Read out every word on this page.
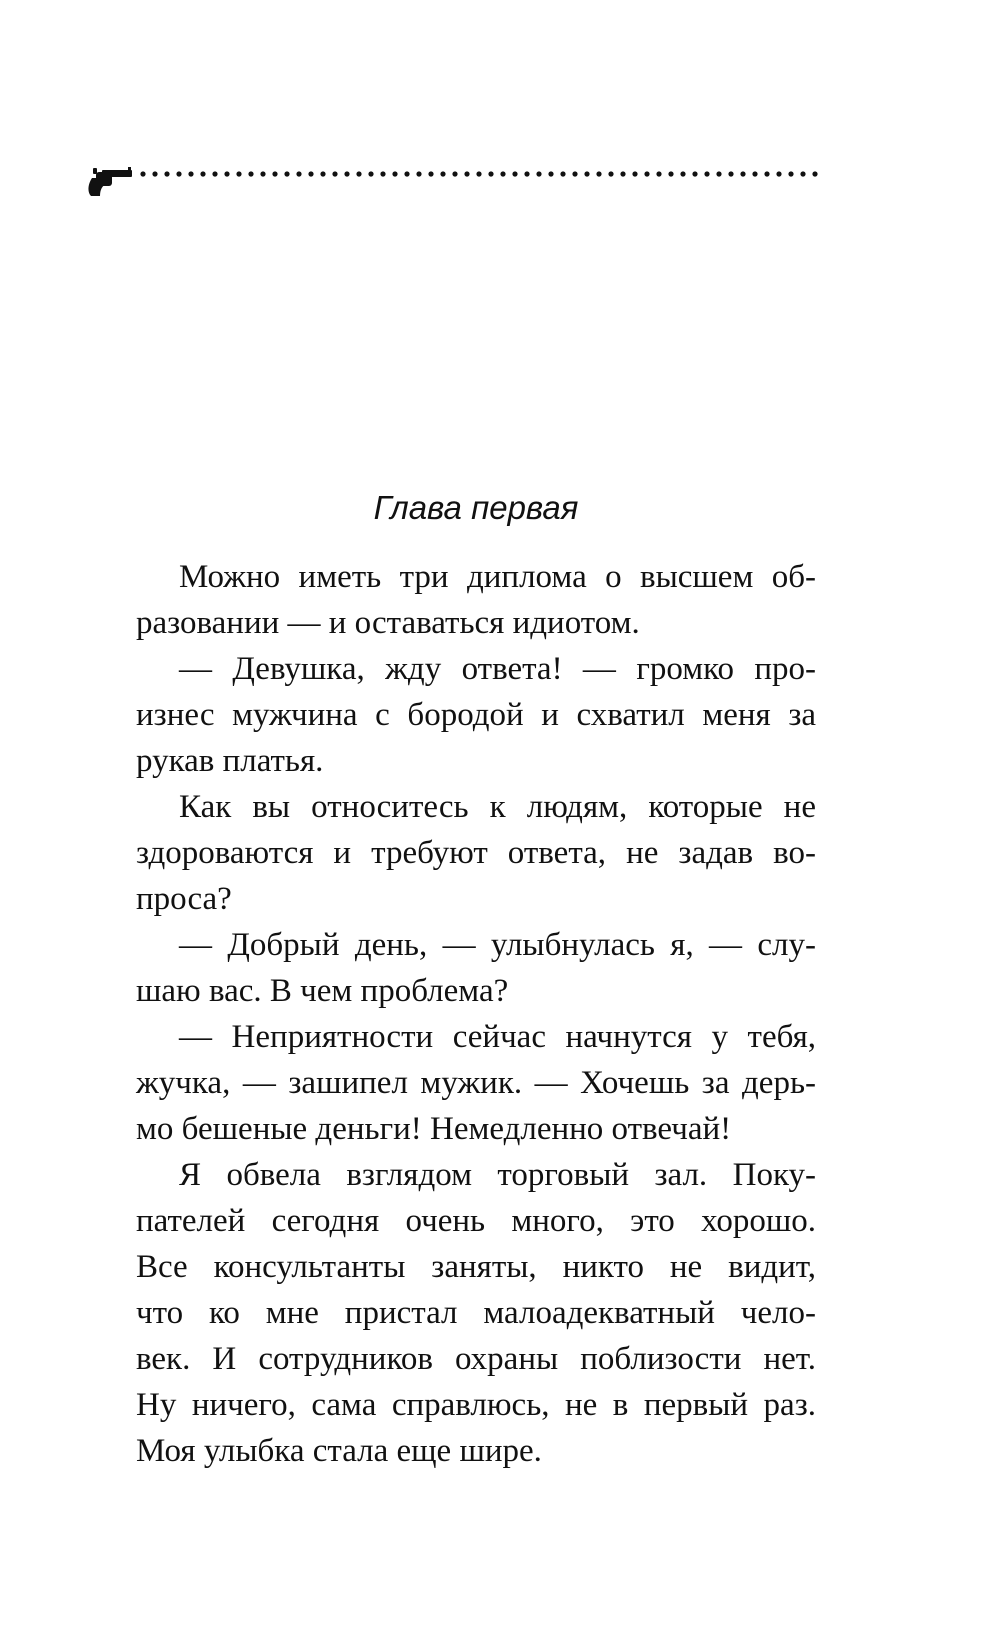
Глава первая
Можно иметь три диплома о высшем об-
разовании — и оставаться идиотом.
— Девушка, жду ответа! — громко про-
изнес мужчина с бородой и схватил меня за
рукав платья.
Как вы относитесь к людям, которые не
здороваются и требуют ответа, не задав во-
проса?
— Добрый день, — улыбнулась я, — слу-
шаю вас. В чем проблема?
— Неприятности сейчас начнутся у тебя,
жучка, — зашипел мужик. — Хочешь за дерь-
мо бешеные деньги! Немедленно отвечай!
Я обвела взглядом торговый зал. Поку-
пателей сегодня очень много, это хорошо.
Все консультанты заняты, никто не видит,
что ко мне пристал малоадекватный чело-
век. И сотрудников охраны поблизости нет.
Ну ничего, сама справлюсь, не в первый раз.
Моя улыбка стала еще шире.
